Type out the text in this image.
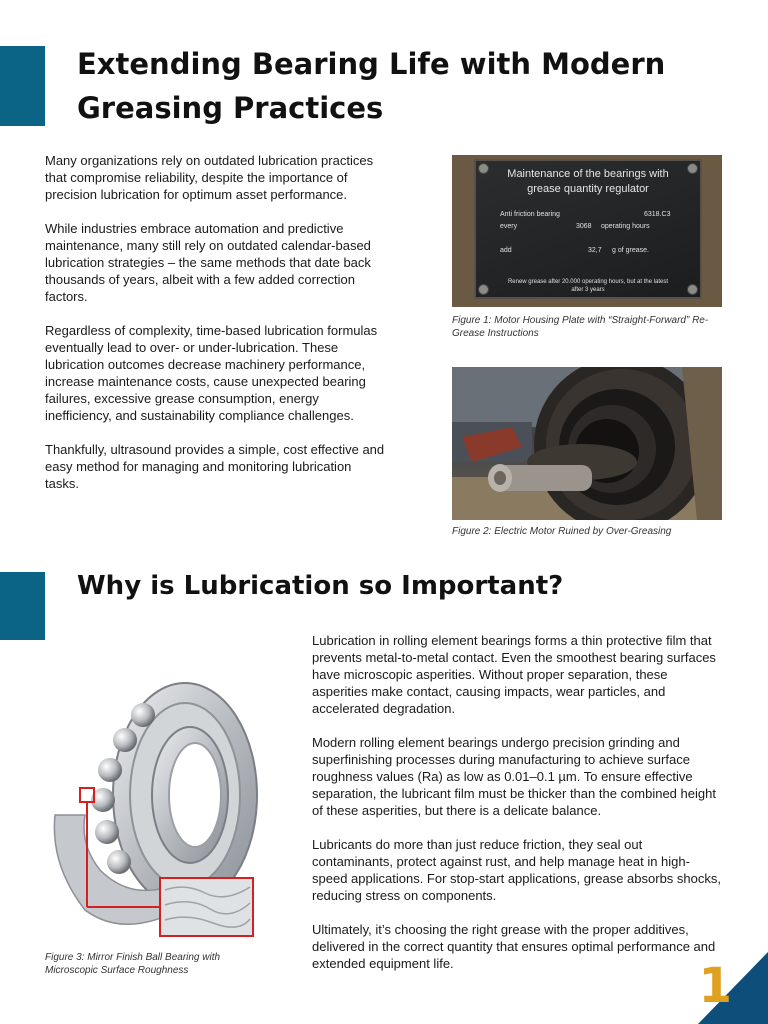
Extending Bearing Life with Modern Greasing Practices

Many organizations rely on outdated lubrication practices that compromise reliability, despite the importance of precision lubrication for optimum asset performance.

While industries embrace automation and predictive maintenance, many still rely on outdated calendar-based lubrication strategies – the same methods that date back thousands of years, albeit with a few added correction factors.

Regardless of complexity, time-based lubrication formulas eventually lead to over- or under-lubrication. These lubrication outcomes decrease machinery performance, increase maintenance costs, cause unexpected bearing failures, excessive grease consumption, energy inefficiency, and sustainability compliance challenges.

Thankfully, ultrasound provides a simple, cost effective and easy method for managing and monitoring lubrication tasks.

Maintenance of the bearings with
grease quantity regulator
Anti friction bearing	6318.C3
every	3068 operating hours
add	32,7 g of grease.
Renew grease after 20.000 operating hours, but at the latest
after 3 years
Figure 1: Motor Housing Plate with “Straight-Forward” Re-Grease Instructions
Figure 2: Electric Motor Ruined by Over-Greasing
Why is Lubrication so Important?
Figure 3: Mirror Finish Ball Bearing with Microscopic Surface Roughness

Lubrication in rolling element bearings forms a thin protective film that prevents metal-to-metal contact. Even the smoothest bearing surfaces have microscopic asperities. Without proper separation, these asperities make contact, causing impacts, wear particles, and accelerated degradation.

Modern rolling element bearings undergo precision grinding and superfinishing processes during manufacturing to achieve surface roughness values (Ra) as low as 0.01–0.1 µm. To ensure effective separation, the lubricant film must be thicker than the combined height of these asperities, but there is a delicate balance.

Lubricants do more than just reduce friction, they seal out contaminants, protect against rust, and help manage heat in high-speed applications. For stop-start applications, grease absorbs shocks, reducing stress on components.

Ultimately, it’s choosing the right grease with the proper additives, delivered in the correct quantity that ensures optimal performance and extended equipment life.	1
